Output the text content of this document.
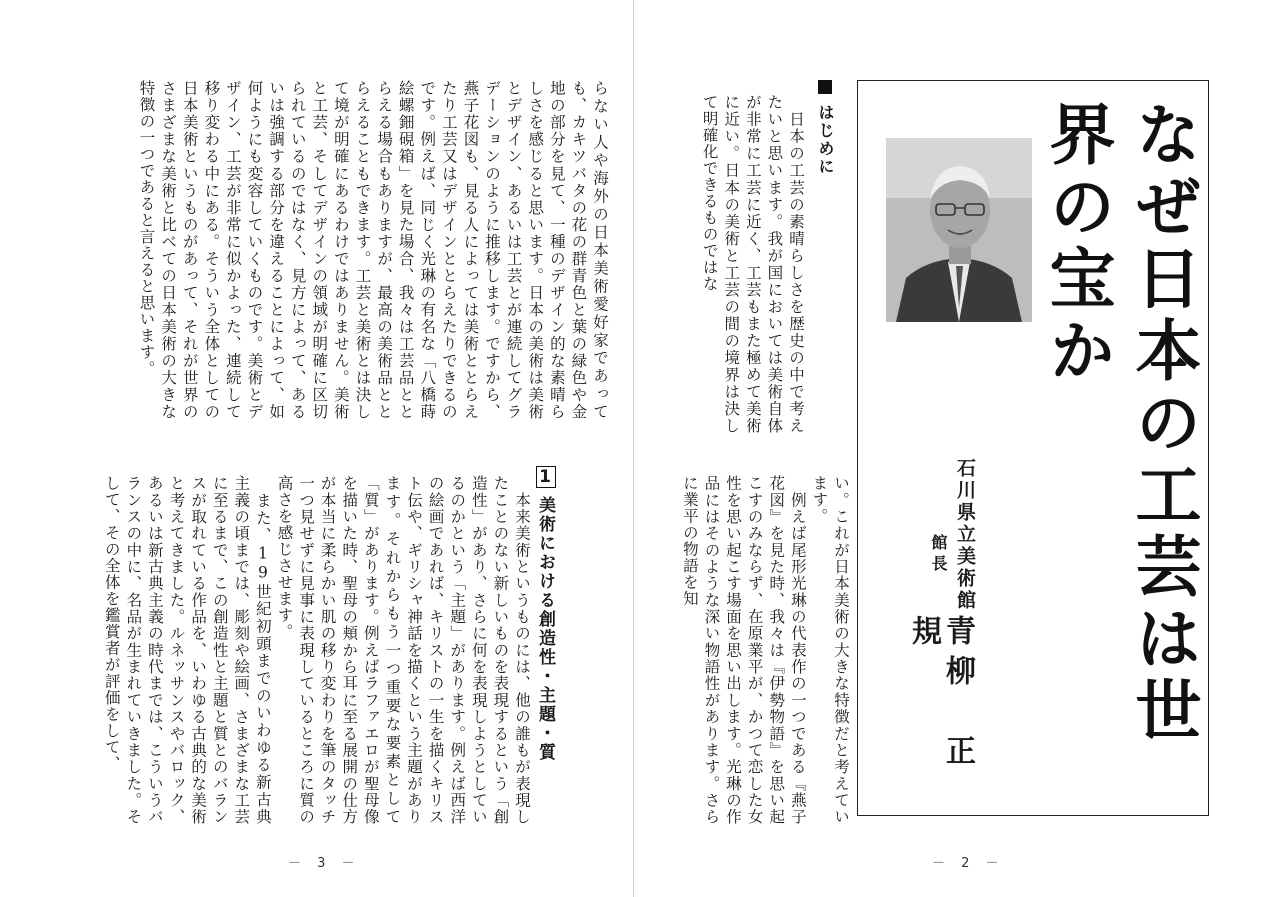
らない人や海外の日本美術愛好家であっても、カキツバタの花の群青色と葉の緑色や金地の部分を見て、一種のデザイン的な素晴らしさを感じると思います。日本の美術は美術とデザイン、あるいは工芸とが連続してグラデーションのように推移します。ですから、燕子花図も、見る人によっては美術ととらえたり工芸又はデザインととらえたりできるのです。例えば、同じく光琳の有名な「八橋蒔絵螺鈿硯箱」を見た場合、我々は工芸品ととらえる場合もありますが、最高の美術品ととらえることもできます。工芸と美術とは決して境が明確にあるわけではありません。美術と工芸、そしてデザインの領域が明確に区切られているのではなく、見方によって、あるいは強調する部分を違えることによって、如何ようにも変容していくものです。美術とデザイン、工芸が非常に似かよった、連続して移り変わる中にある。そういう全体としての日本美術というものがあって、それが世界のさまざまな美術と比べての日本美術の大きな特徴の一つであると言えると思います。

1美術における創造性・主題・質

　本来美術というものには、他の誰もが表現したことのない新しいものを表現するという「創造性」があり、さらに何を表現しようとしているのかという「主題」があります。例えば西洋の絵画であれば、キリストの一生を描くキリスト伝や、ギリシャ神話を描くという主題があります。それからもう一つ重要な要素として「質」があります。例えばラファエロが聖母像を描いた時、聖母の頬から耳に至る展開の仕方が本当に柔らかい肌の移り変わりを筆のタッチ一つ見せずに見事に表現しているところに質の高さを感じさせます。
　また、19世紀初頭までのいわゆる新古典主義の頃までは、彫刻や絵画、さまざまな工芸に至るまで、この創造性と主題と質とのバランスが取れている作品を、いわゆる古典的な美術と考えてきました。ルネッサンスやバロック、あるいは新古典主義の時代までは、こういうバランスの中に、名品が生まれていきました。そして、その全体を鑑賞者が評価をして、

－ 3 －
なぜ日本の工芸は世界の宝か
石川県立美術館
館長
青柳　正規
はじめに

　日本の工芸の素晴らしさを歴史の中で考えたいと思います。我が国においては美術自体が非常に工芸に近く、工芸もまた極めて美術に近い。日本の美術と工芸の間の境界は決して明確化できるものではな

い。これが日本美術の大きな特徴だと考えています。
　例えば尾形光琳の代表作の一つである『燕子花図』を見た時、我々は『伊勢物語』を思い起こすのみならず、在原業平が、かつて恋した女性を思い起こす場面を思い出します。光琳の作品にはそのような深い物語性があります。さらに業平の物語を知

－ 2 －
